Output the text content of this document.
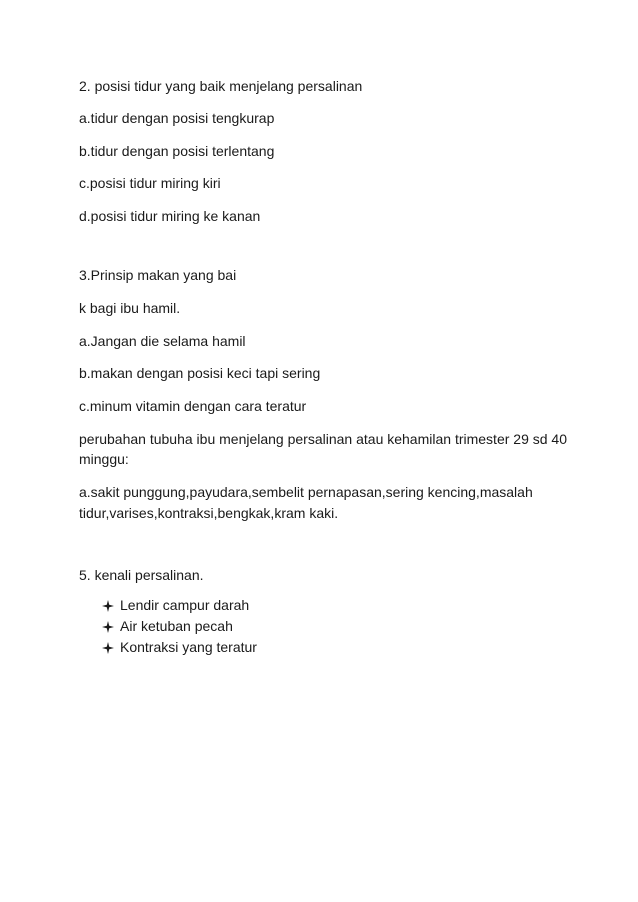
2. posisi tidur yang baik menjelang persalinan
a.tidur dengan posisi tengkurap
b.tidur dengan posisi terlentang
c.posisi tidur miring kiri
d.posisi tidur miring ke kanan
3.Prinsip makan yang bai
k bagi ibu hamil.
a.Jangan die selama hamil
b.makan dengan posisi keci tapi sering
c.minum vitamin dengan cara teratur
perubahan tubuha ibu menjelang persalinan atau kehamilan trimester 29 sd 40
minggu:
a.sakit punggung,payudara,sembelit pernapasan,sering kencing,masalah
tidur,varises,kontraksi,bengkak,kram kaki.
5. kenali persalinan.
Lendir campur darah
Air ketuban pecah
Kontraksi yang teratur
